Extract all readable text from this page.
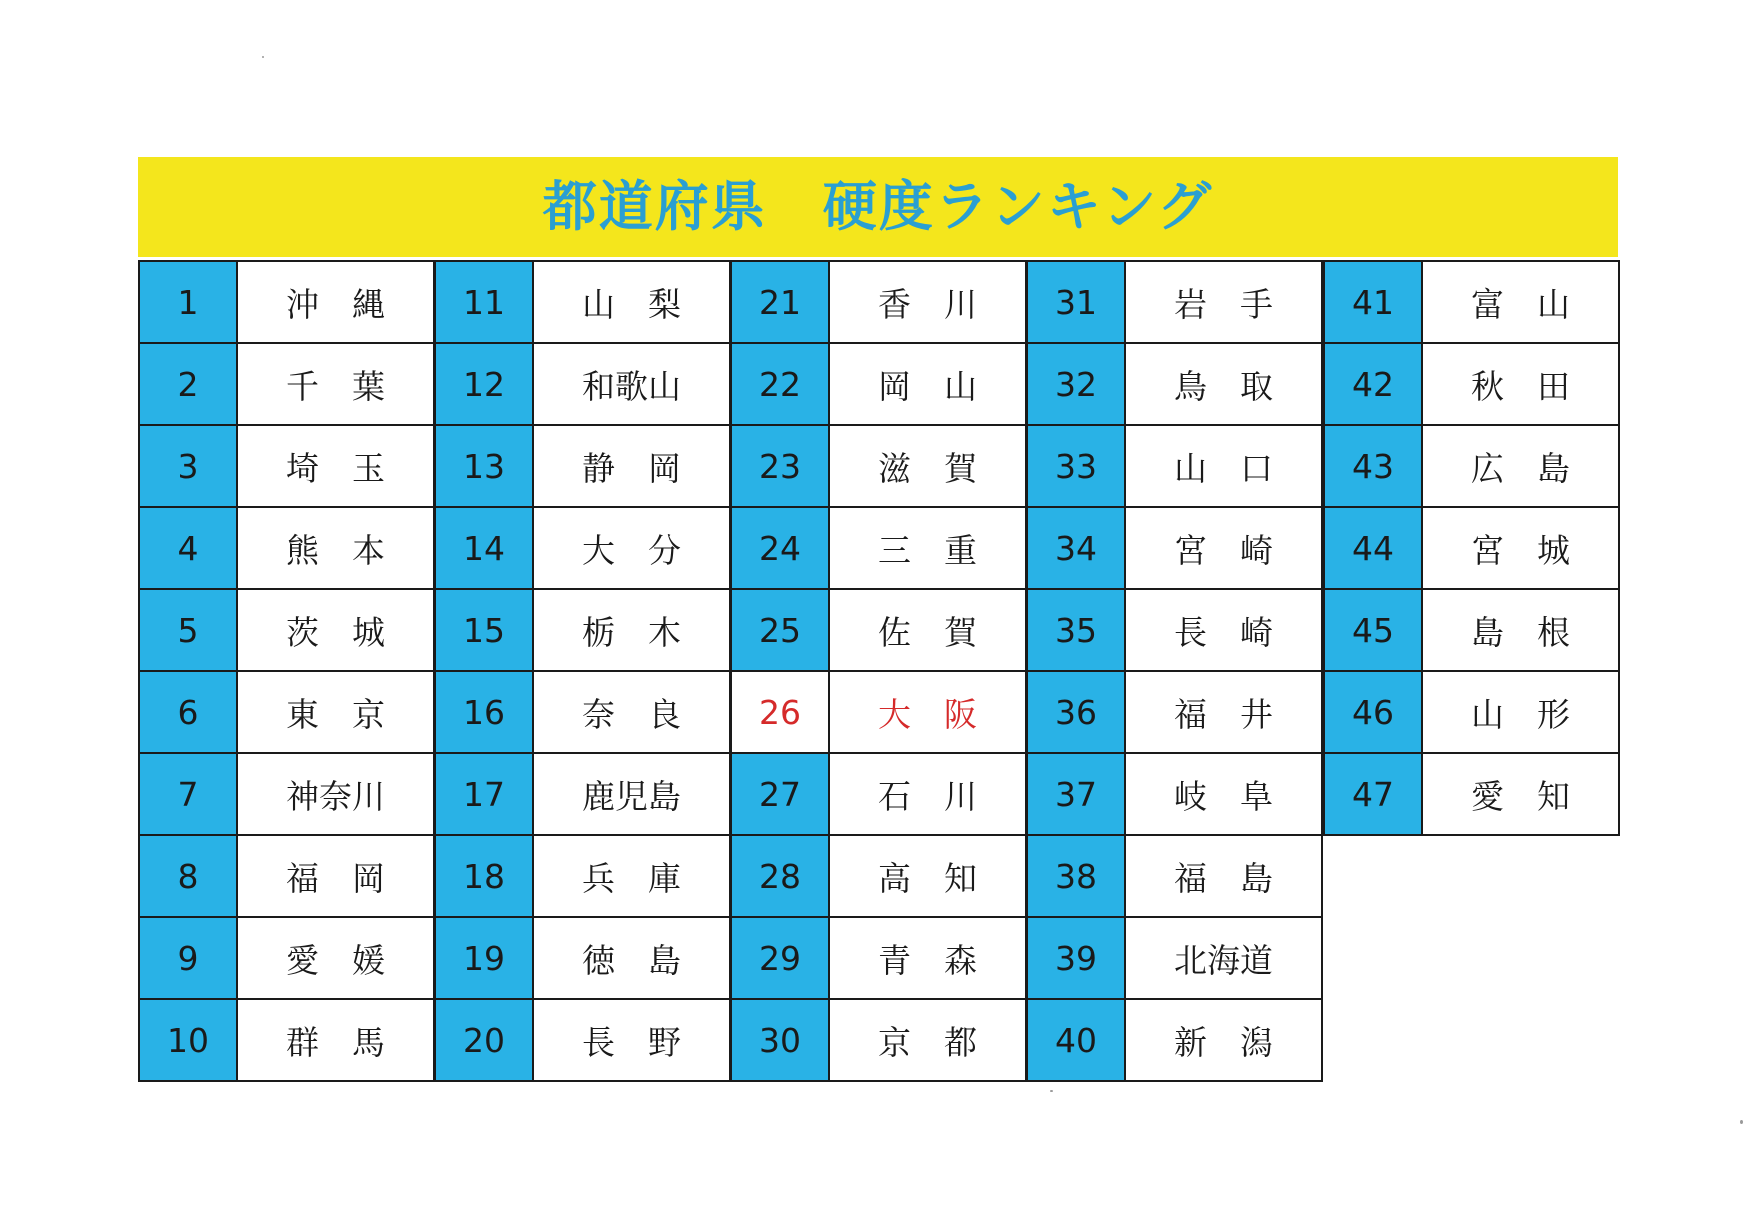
都道府県　硬度ランキング
1	沖　縄
2	千　葉
3	埼　玉
4	熊　本
5	茨　城
6	東　京
7	神奈川
8	福　岡
9	愛　媛
10	群　馬
11	山　梨
12	和歌山
13	静　岡
14	大　分
15	栃　木
16	奈　良
17	鹿児島
18	兵　庫
19	徳　島
20	長　野
21	香　川
22	岡　山
23	滋　賀
24	三　重
25	佐　賀
26	大　阪
27	石　川
28	高　知
29	青　森
30	京　都
31	岩　手
32	鳥　取
33	山　口
34	宮　崎
35	長　崎
36	福　井
37	岐　阜
38	福　島
39	北海道
40	新　潟
41	富　山
42	秋　田
43	広　島
44	宮　城
45	島　根
46	山　形
47	愛　知
